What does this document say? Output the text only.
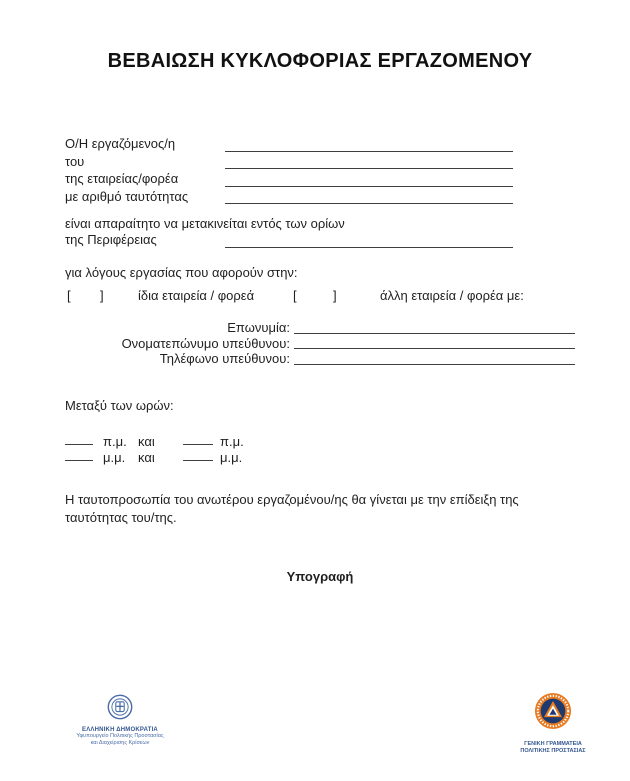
ΒΕΒΑΙΩΣΗ ΚΥΚΛΟΦΟΡΙΑΣ ΕΡΓΑΖΟΜΕΝΟΥ
Ο/Η εργαζόμενος/η
του
της εταιρείας/φορέα
με αριθμό ταυτότητας
είναι απαραίτητο να μετακινείται εντός των ορίων
της Περιφέρειας
για λόγους εργασίας που αφορούν στην:
[ ]	ίδια εταιρεία / φορεά	[	]	άλλη εταιρεία / φορέα με:
Επωνυμία:
Ονοματεπώνυμο υπεύθυνου:
Τηλέφωνο υπεύθυνου:
Μεταξύ των ωρών:
π.μ. και	π.μ.
μ.μ. και	μ.μ.
Η ταυτοπροσωπία του ανωτέρου εργαζομένου/ης θα γίνεται με την επίδειξη της ταυτότητας του/της.
Υπογραφή
ΕΛΛΗΝΙΚΗ ΔΗΜΟΚΡΑΤΙΑ
Υφυπουργείο Πολιτικής Προστασίας
και Διαχείρισης Κρίσεων	ΓΕΝΙΚΗ ΓΡΑΜΜΑΤΕΙΑ
ΠΟΛΙΤΙΚΗΣ ΠΡΟΣΤΑΣΙΑΣ
